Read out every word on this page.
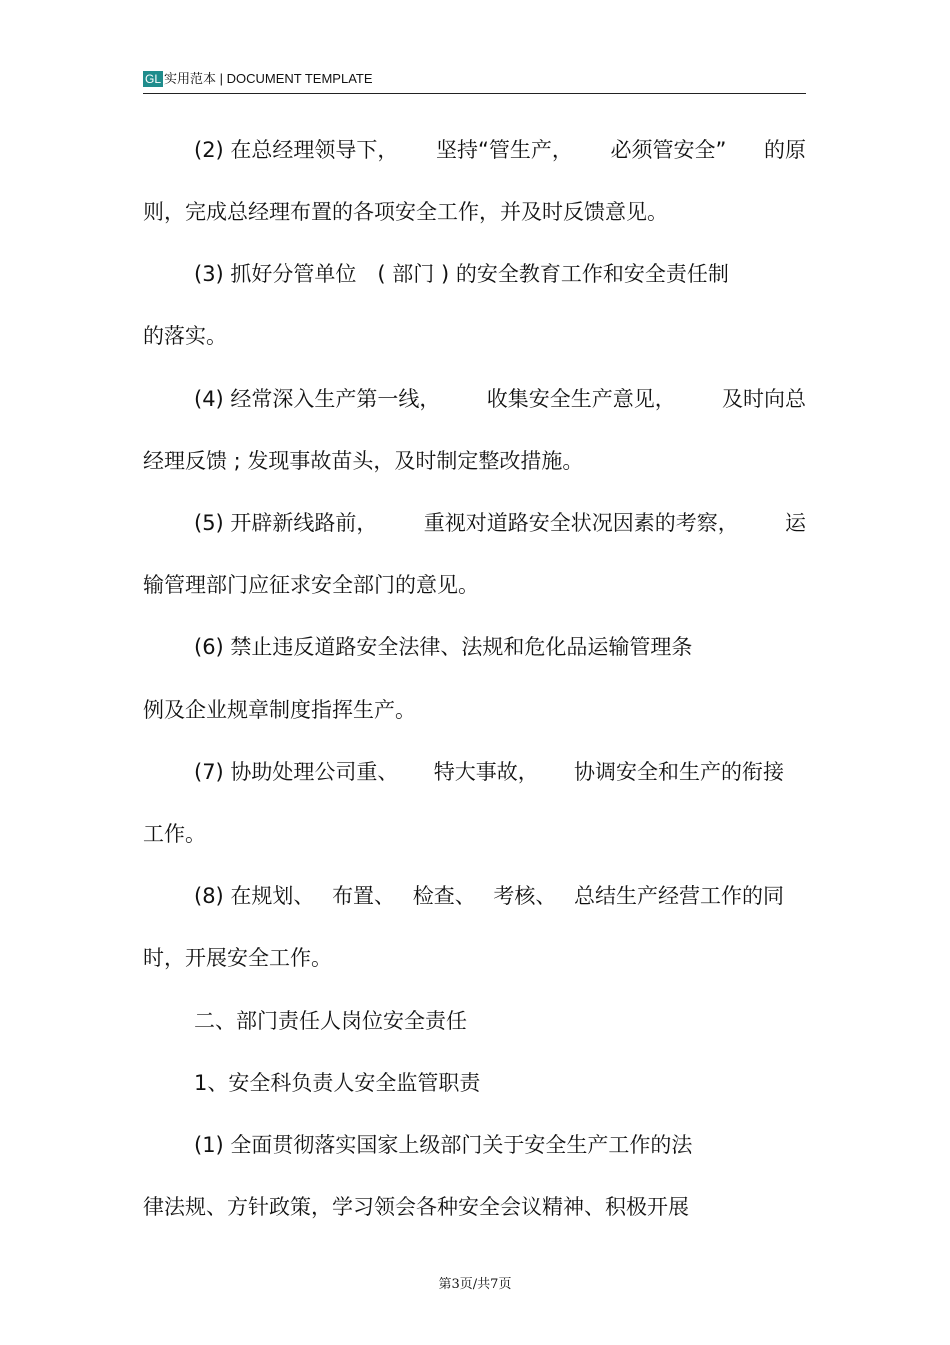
GL 实用范本 | DOCUMENT TEMPLATE
(2) 在总经理领导下， 坚持“管生产， 必须管安全” 的原
则，完成总经理布置的各项安全工作，并及时反馈意见。
(3) 抓好分管单位　( 部门 ) 的安全教育工作和安全责任制
的落实。
(4) 经常深入生产第一线， 收集安全生产意见， 及时向总
经理反馈 ; 发现事故苗头，及时制定整改措施。
(5) 开辟新线路前， 重视对道路安全状况因素的考察， 运
输管理部门应征求安全部门的意见。
(6) 禁止违反道路安全法律、法规和危化品运输管理条
例及企业规章制度指挥生产。
(7) 协助处理公司重、 特大事故， 协调安全和生产的衔接
工作。
(8) 在规划、 布置、 检查、 考核、 总结生产经营工作的同
时，开展安全工作。
二、部门责任人岗位安全责任
1、安全科负责人安全监管职责
(1) 全面贯彻落实国家上级部门关于安全生产工作的法
律法规、方针政策，学习领会各种安全会议精神、积极开展
第3页/共7页
